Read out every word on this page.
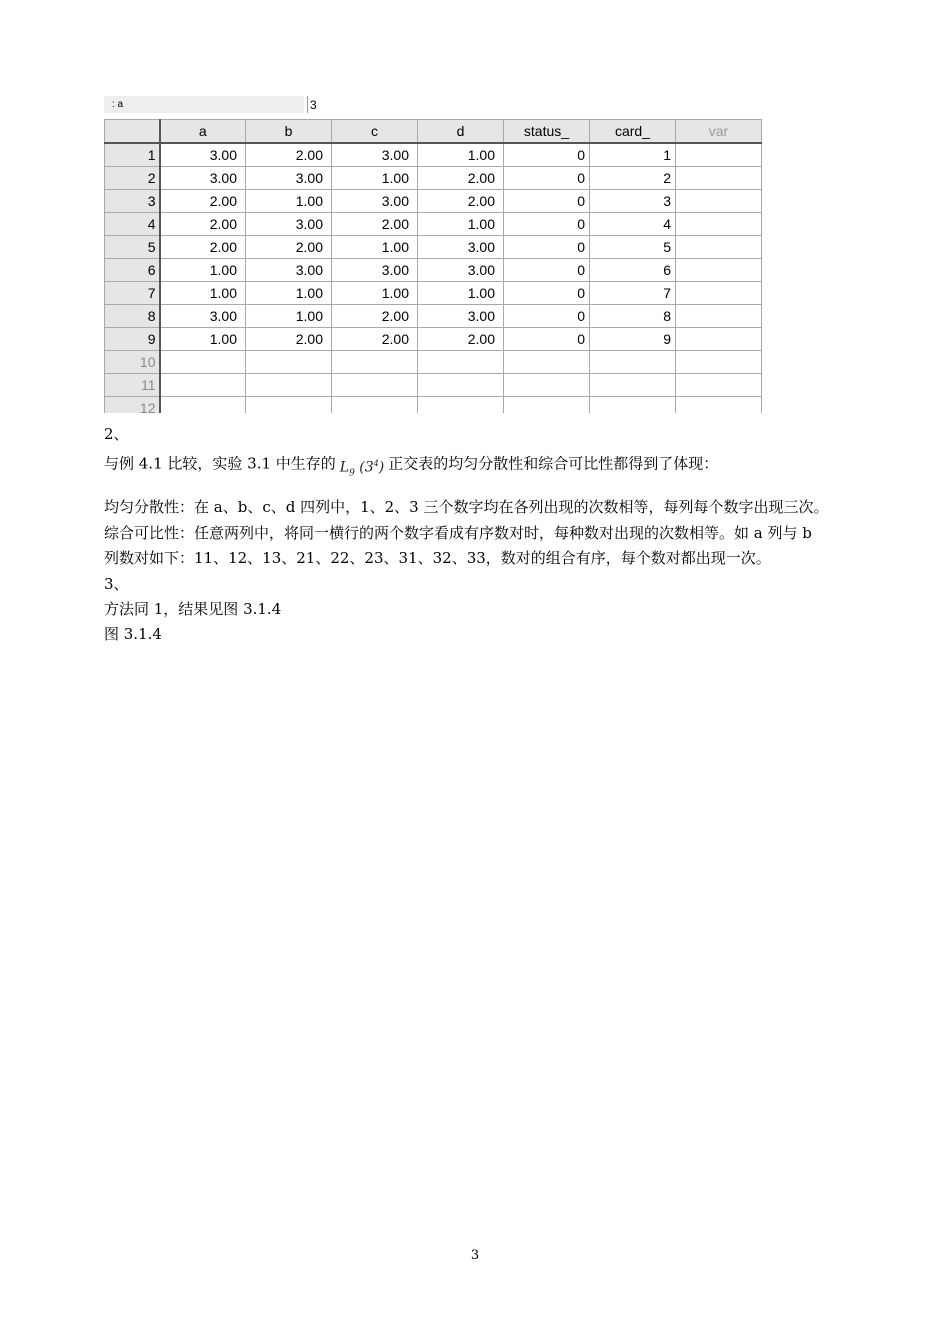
: a	3
	a	b	c	d	status_	card_	var
1	3.00	2.00	3.00	1.00	0	1	
2	3.00	3.00	1.00	2.00	0	2	
3	2.00	1.00	3.00	2.00	0	3	
4	2.00	3.00	2.00	1.00	0	4	
5	2.00	2.00	1.00	3.00	0	5	
6	1.00	3.00	3.00	3.00	0	6	
7	1.00	1.00	1.00	1.00	0	7	
8	3.00	1.00	2.00	3.00	0	8	
9	1.00	2.00	2.00	2.00	0	9	
10							
11							
12							
2、
与例 4.1 比较，实验 3.1 中生存的 $L_9$ $(3^4)$ 正交表的均匀分散性和综合可比性都得到了体现：
均匀分散性：在 a、b、c、d 四列中，1、2、3 三个数字均在各列出现的次数相等，每列每个数字出现三次。
综合可比性：任意两列中，将同一横行的两个数字看成有序数对时，每种数对出现的次数相等。如 a 列与 b
列数对如下：11、12、13、21、22、23、31、32、33，数对的组合有序，每个数对都出现一次。
3、
方法同 1，结果见图 3.1.4
图 3.1.4
3
